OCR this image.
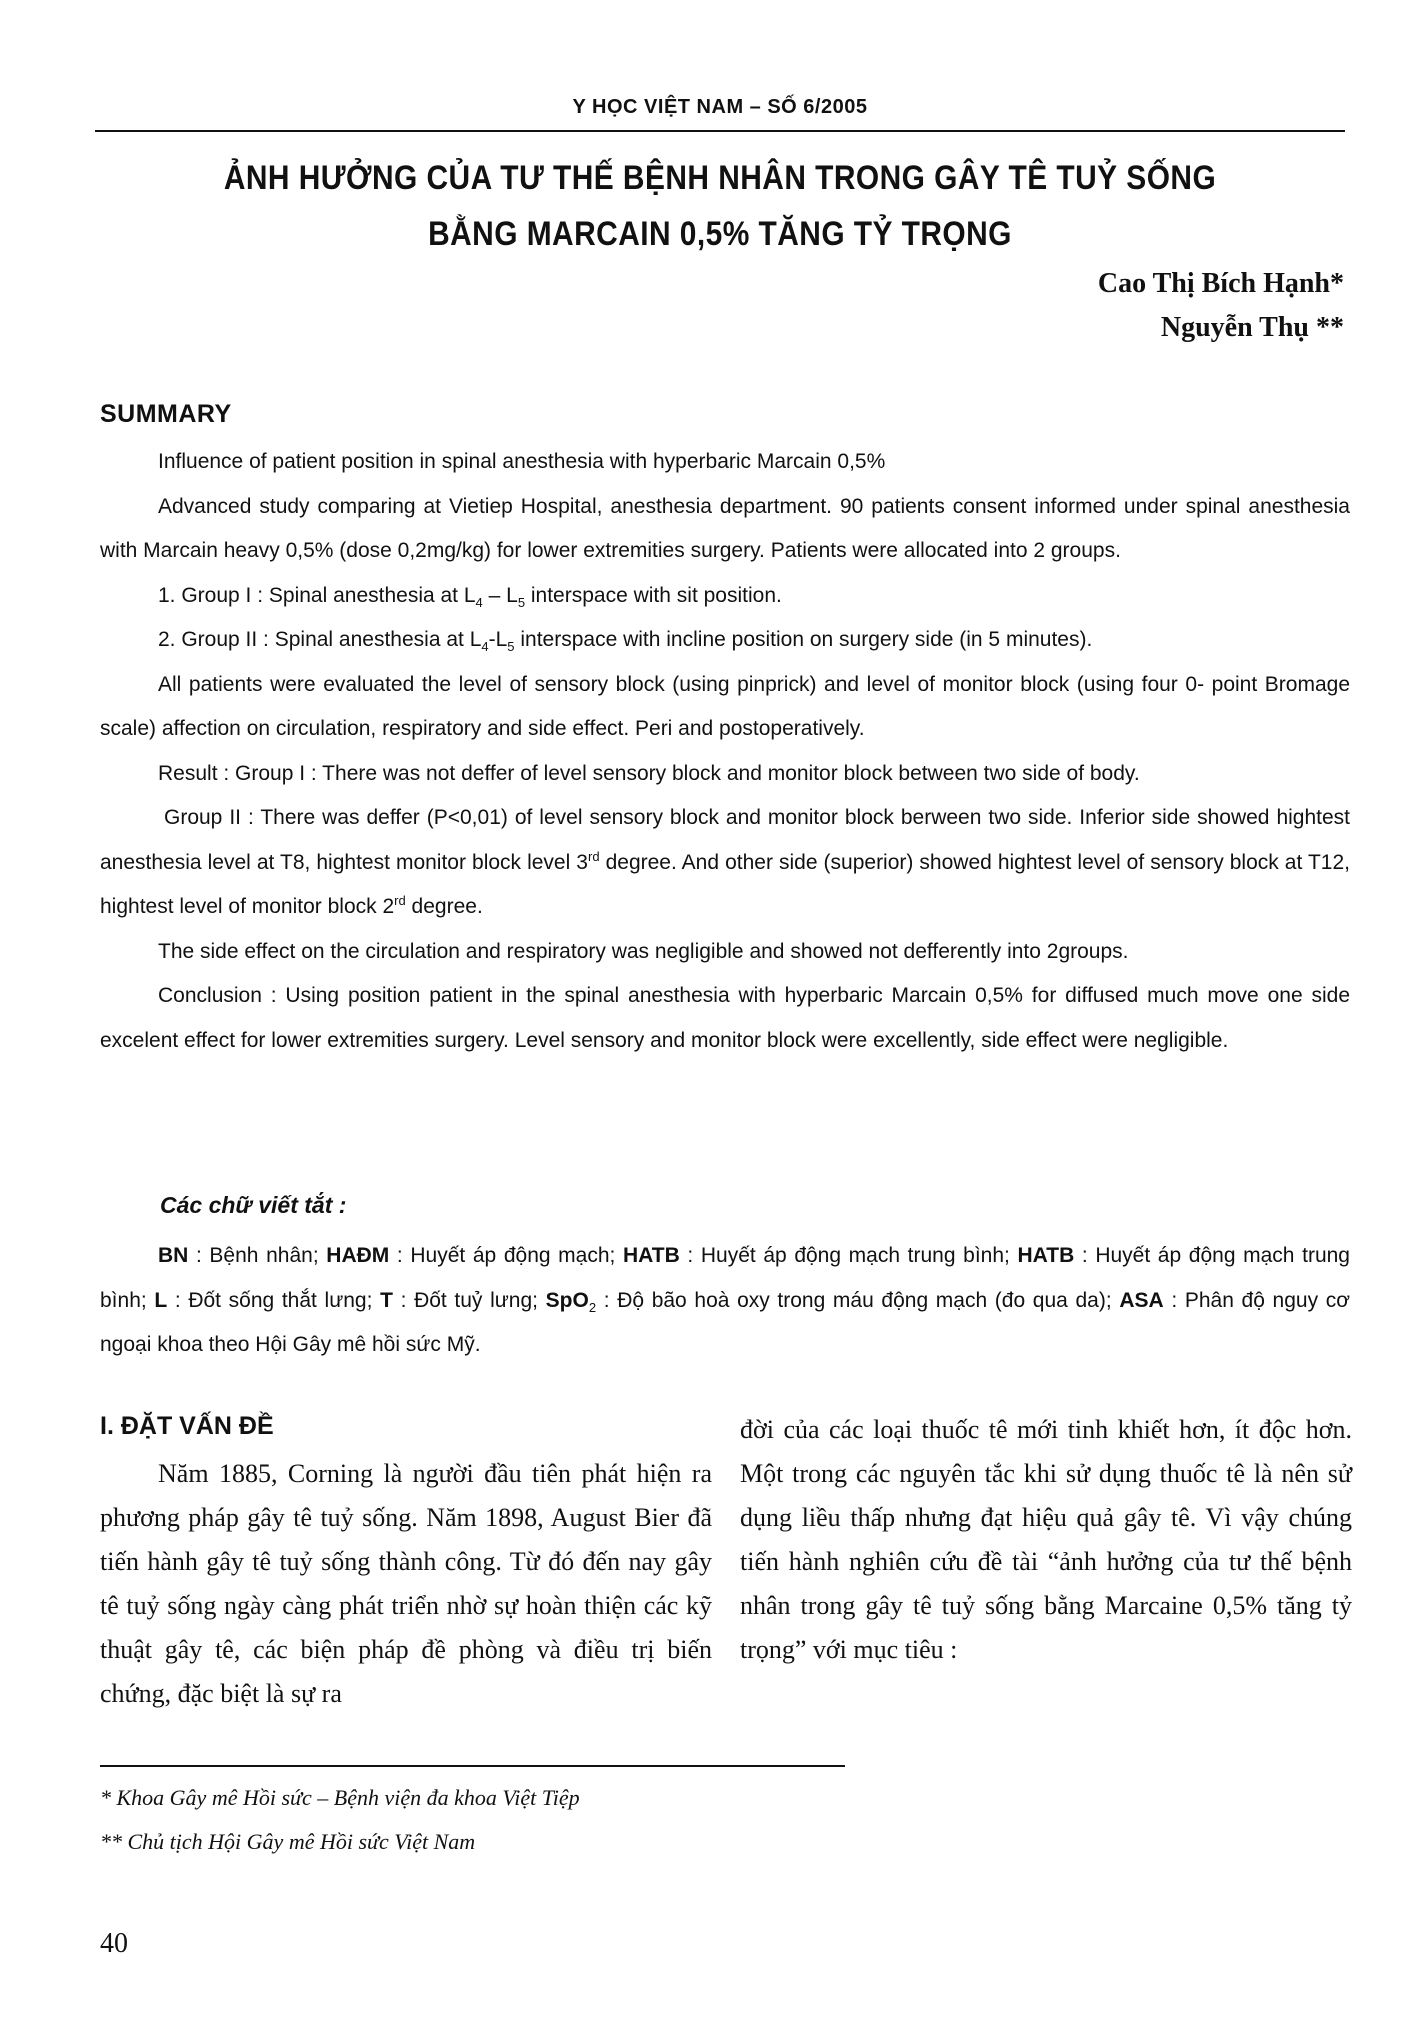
Y HỌC VIỆT NAM – SỐ 6/2005
ẢNH HƯỞNG CỦA TƯ THẾ BỆNH NHÂN TRONG GÂY TÊ TUỶ SỐNG
BẰNG MARCAIN 0,5% TĂNG TỶ TRỌNG
Cao Thị Bích Hạnh*
Nguyễn Thụ **
SUMMARY

Influence of patient position in spinal anesthesia with hyperbaric Marcain 0,5%

Advanced study comparing at Vietiep Hospital, anesthesia department. 90 patients consent informed under spinal anesthesia with Marcain heavy 0,5% (dose 0,2mg/kg) for lower extremities surgery. Patients were allocated into 2 groups.

1. Group I : Spinal anesthesia at $L_4 - L_5$ interspace with sit position.

2. Group II : Spinal anesthesia at $L_4-L_5$ interspace with incline position on surgery side (in 5 minutes).

All patients were evaluated the level of sensory block (using pinprick) and level of monitor block (using four 0- point Bromage scale) affection on circulation, respiratory and side effect. Peri and postoperatively.

Result : Group I : There was not deffer of level sensory block and monitor block between two side of body.

Group II : There was deffer (P<0,01) of level sensory block and monitor block berween two side. Inferior side showed hightest anesthesia level at T8, hightest monitor block level 3rd degree. And other side (superior) showed hightest level of sensory block at T12, hightest level of monitor block 2rd degree.

The side effect on the circulation and respiratory was negligible and showed not defferently into 2groups.

Conclusion : Using position patient in the spinal anesthesia with hyperbaric Marcain 0,5% for diffused much move one side excelent effect for lower extremities surgery. Level sensory and monitor block were excellently, side effect were negligible.

Các chữ viết tắt :

BN : Bệnh nhân; HAĐM : Huyết áp động mạch; HATB : Huyết áp động mạch trung bình; HATB : Huyết áp động mạch trung bình; L : Đốt sống thắt lưng; T : Đốt tuỷ lưng; SpO$_2$ : Độ bão hoà oxy trong máu động mạch (đo qua da); ASA : Phân độ nguy cơ ngoại khoa theo Hội Gây mê hồi sức Mỹ.

I. ĐẶT VẤN ĐỀ

Năm 1885, Corning là người đầu tiên phát hiện ra phương pháp gây tê tuỷ sống. Năm 1898, August Bier đã tiến hành gây tê tuỷ sống thành công. Từ đó đến nay gây tê tuỷ sống ngày càng phát triển nhờ sự hoàn thiện các kỹ thuật gây tê, các biện pháp đề phòng và điều trị biến chứng, đặc biệt là sự ra

đời của các loại thuốc tê mới tinh khiết hơn, ít độc hơn. Một trong các nguyên tắc khi sử dụng thuốc tê là nên sử dụng liều thấp nhưng đạt hiệu quả gây tê. Vì vậy chúng tiến hành nghiên cứu đề tài “ảnh hưởng của tư thế bệnh nhân trong gây tê tuỷ sống bằng Marcaine 0,5% tăng tỷ trọng” với mục tiêu :

* Khoa Gây mê Hồi sức – Bệnh viện đa khoa Việt Tiệp
** Chủ tịch Hội Gây mê Hồi sức Việt Nam
40
